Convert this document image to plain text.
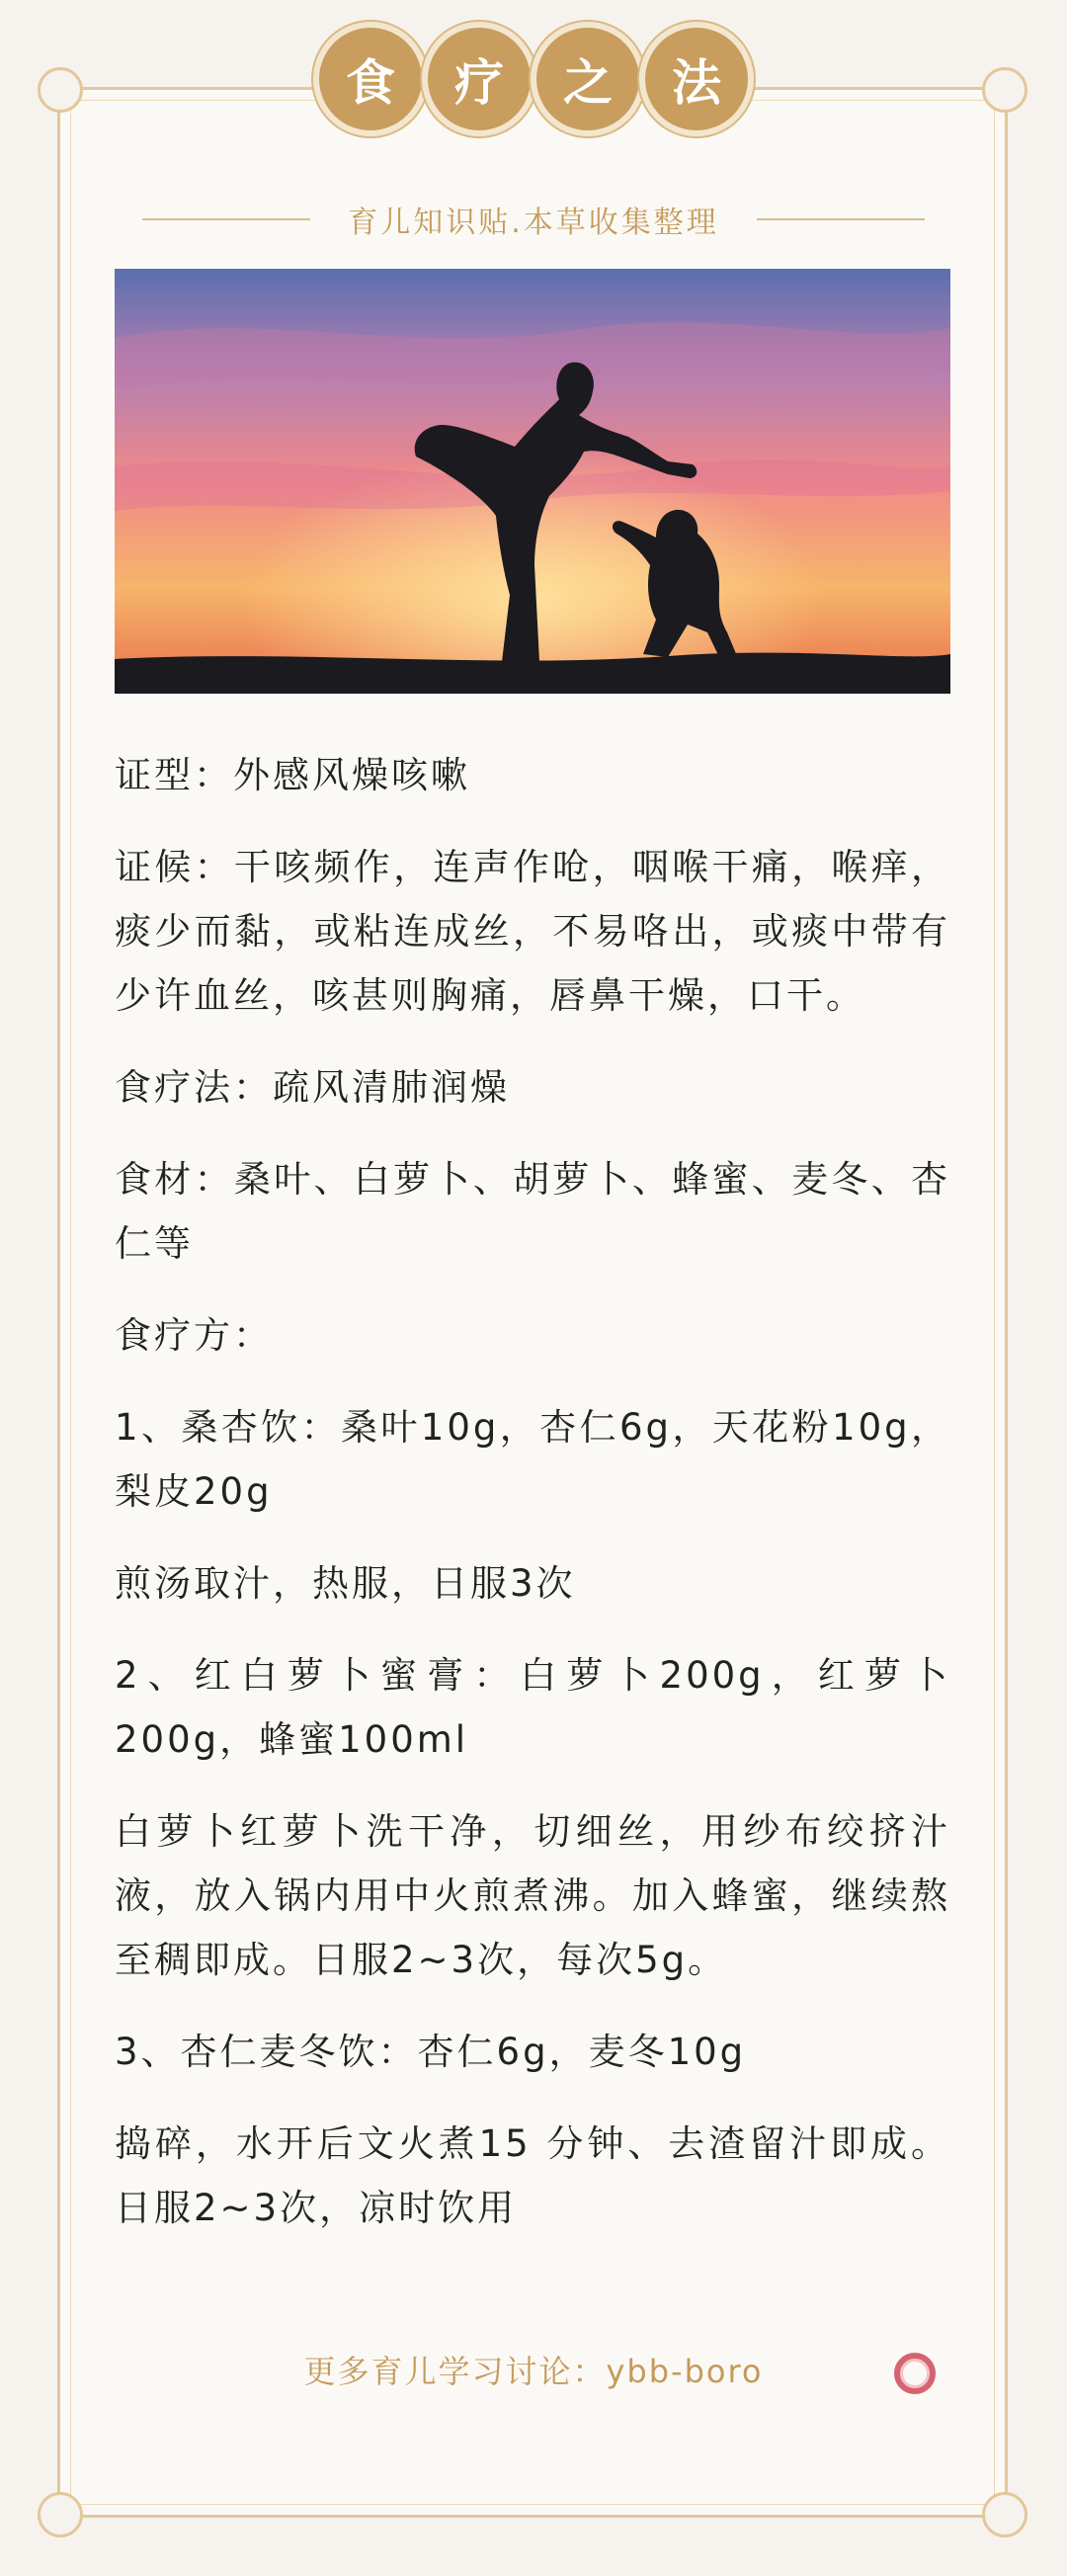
食	疗	之	法
育儿知识贴.本草收集整理

证型：外感风燥咳嗽

证候：干咳频作，连声作呛，咽喉干痛，喉痒，痰少而黏，或粘连成丝，不易咯出，或痰中带有少许血丝，咳甚则胸痛，唇鼻干燥，口干。

食疗法：疏风清肺润燥

食材：桑叶、白萝卜、胡萝卜、蜂蜜、麦冬、杏仁等

食疗方：

1、桑杏饮：桑叶10g，杏仁6g，天花粉10g，梨皮20g

煎汤取汁，热服，日服3次

2、红白萝卜蜜膏：白萝卜200g，红萝卜200g，蜂蜜100ml

白萝卜红萝卜洗干净，切细丝，用纱布绞挤汁液，放入锅内用中火煎煮沸。加入蜂蜜，继续熬至稠即成。日服2~3次，每次5g。

3、杏仁麦冬饮：杏仁6g，麦冬10g

捣碎，水开后文火煮15 分钟、去渣留汁即成。日服2~3次，凉时饮用

更多育儿学习讨论：ybb-boro
